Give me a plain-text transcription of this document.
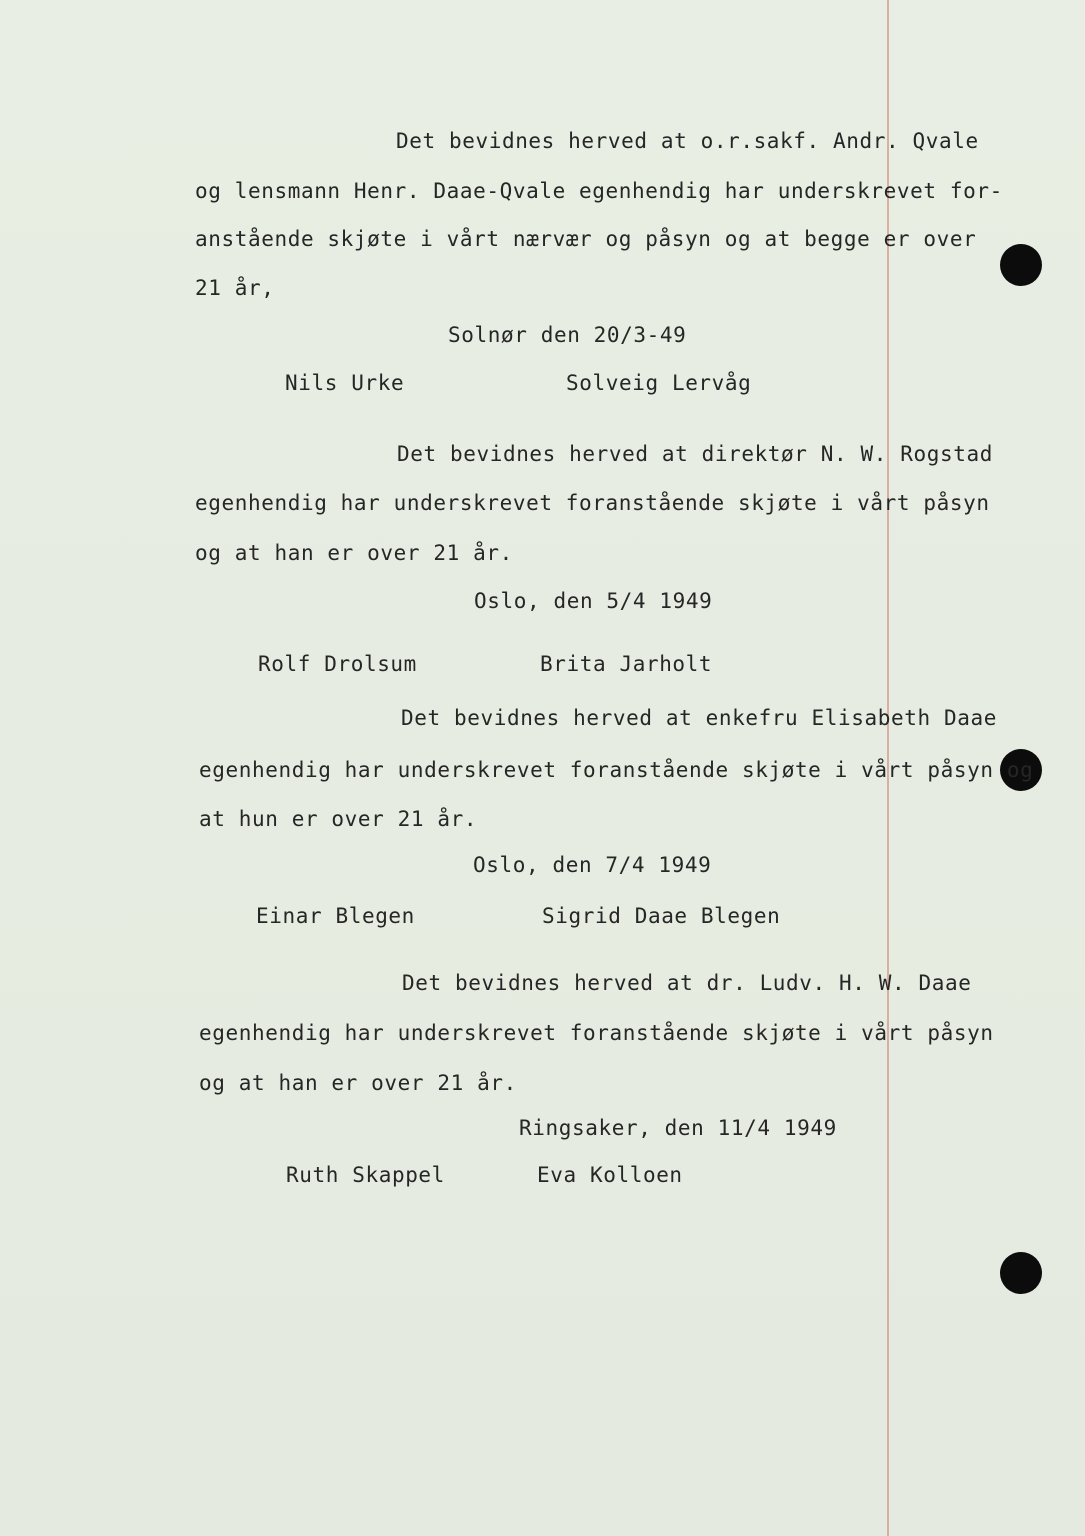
Det bevidnes herved at o.r.sakf. Andr. Qvale
og lensmann Henr. Daae-Qvale egenhendig har underskrevet for-
anstående skjøte i vårt nærvær og påsyn og at begge er over
21 år,
Solnør den 20/3-49
Nils Urke	Solveig Lervåg
Det bevidnes herved at direktør N. W. Rogstad
egenhendig har underskrevet foranstående skjøte i vårt påsyn
og at han er over 21 år.
Oslo, den 5/4 1949
Rolf Drolsum	Brita Jarholt
Det bevidnes herved at enkefru Elisabeth Daae
egenhendig har underskrevet foranstående skjøte i vårt påsyn og
at hun er over 21 år.
Oslo, den 7/4 1949
Einar Blegen	Sigrid Daae Blegen
Det bevidnes herved at dr. Ludv. H. W. Daae
egenhendig har underskrevet foranstående skjøte i vårt påsyn
og at han er over 21 år.
Ringsaker, den 11/4 1949
Ruth Skappel	Eva Kolloen
